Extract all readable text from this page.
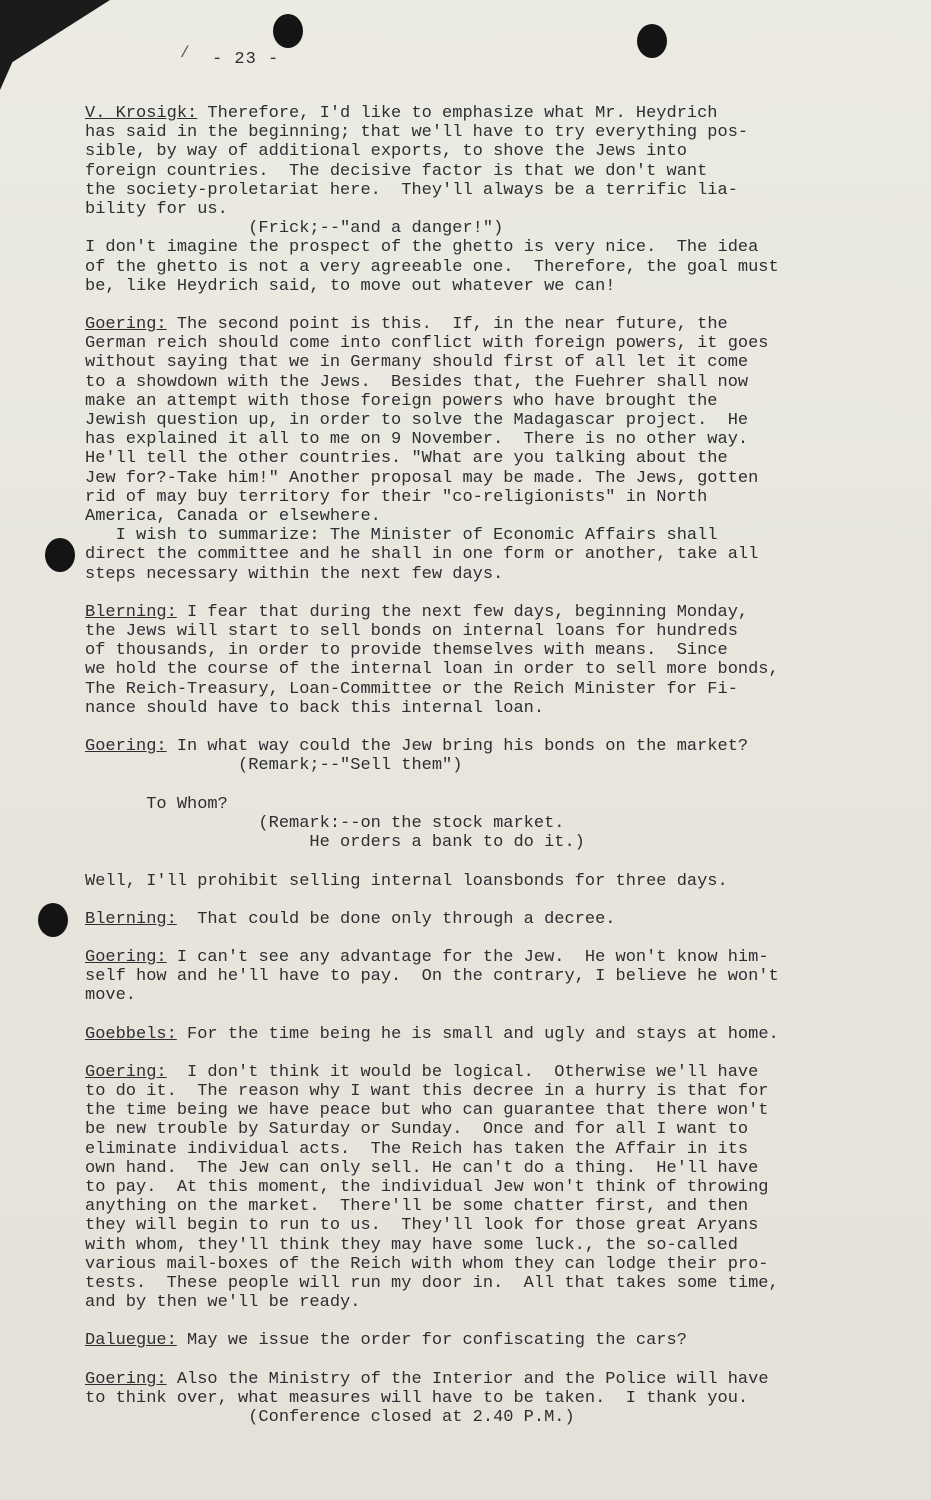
/ - 23 -
V. Krosigk: Therefore, I'd like to emphasize what Mr. Heydrich
has said in the beginning; that we'll have to try everything pos-
sible, by way of additional exports, to shove the Jews into
foreign countries.  The decisive factor is that we don't want
the society-proletariat here.  They'll always be a terrific lia-
bility for us.
(Frick;--"and a danger!")
I don't imagine the prospect of the ghetto is very nice.  The idea
of the ghetto is not a very agreeable one.  Therefore, the goal must
be, like Heydrich said, to move out whatever we can!
Goering: The second point is this.  If, in the near future, the
German reich should come into conflict with foreign powers, it goes
without saying that we in Germany should first of all let it come
to a showdown with the Jews.  Besides that, the Fuehrer shall now
make an attempt with those foreign powers who have brought the
Jewish question up, in order to solve the Madagascar project.  He
has explained it all to me on 9 November.  There is no other way.
He'll tell the other countries. "What are you talking about the
Jew for?-Take him!" Another proposal may be made. The Jews, gotten
rid of may buy territory for their "co-religionists" in North
America, Canada or elsewhere.
I wish to summarize: The Minister of Economic Affairs shall
direct the committee and he shall in one form or another, take all
steps necessary within the next few days.
Blerning: I fear that during the next few days, beginning Monday,
the Jews will start to sell bonds on internal loans for hundreds
of thousands, in order to provide themselves with means.  Since
we hold the course of the internal loan in order to sell more bonds,
The Reich-Treasury, Loan-Committee or the Reich Minister for Fi-
nance should have to back this internal loan.
Goering: In what way could the Jew bring his bonds on the market?
(Remark;--"Sell them")

To Whom?
(Remark:--on the stock market.
He orders a bank to do it.)

Well, I'll prohibit selling internal loansbonds for three days.
Blerning:  That could be done only through a decree.
Goering: I can't see any advantage for the Jew.  He won't know him-
self how and he'll have to pay.  On the contrary, I believe he won't
move.
Goebbels: For the time being he is small and ugly and stays at home.
Goering:  I don't think it would be logical.  Otherwise we'll have
to do it.  The reason why I want this decree in a hurry is that for
the time being we have peace but who can guarantee that there won't
be new trouble by Saturday or Sunday.  Once and for all I want to
eliminate individual acts.  The Reich has taken the Affair in its
own hand.  The Jew can only sell. He can't do a thing.  He'll have
to pay.  At this moment, the individual Jew won't think of throwing
anything on the market.  There'll be some chatter first, and then
they will begin to run to us.  They'll look for those great Aryans
with whom, they'll think they may have some luck., the so-called
various mail-boxes of the Reich with whom they can lodge their pro-
tests.  These people will run my door in.  All that takes some time,
and by then we'll be ready.
Daluegue: May we issue the order for confiscating the cars?
Goering: Also the Ministry of the Interior and the Police will have
to think over, what measures will have to be taken.  I thank you.
(Conference closed at 2.40 P.M.)
